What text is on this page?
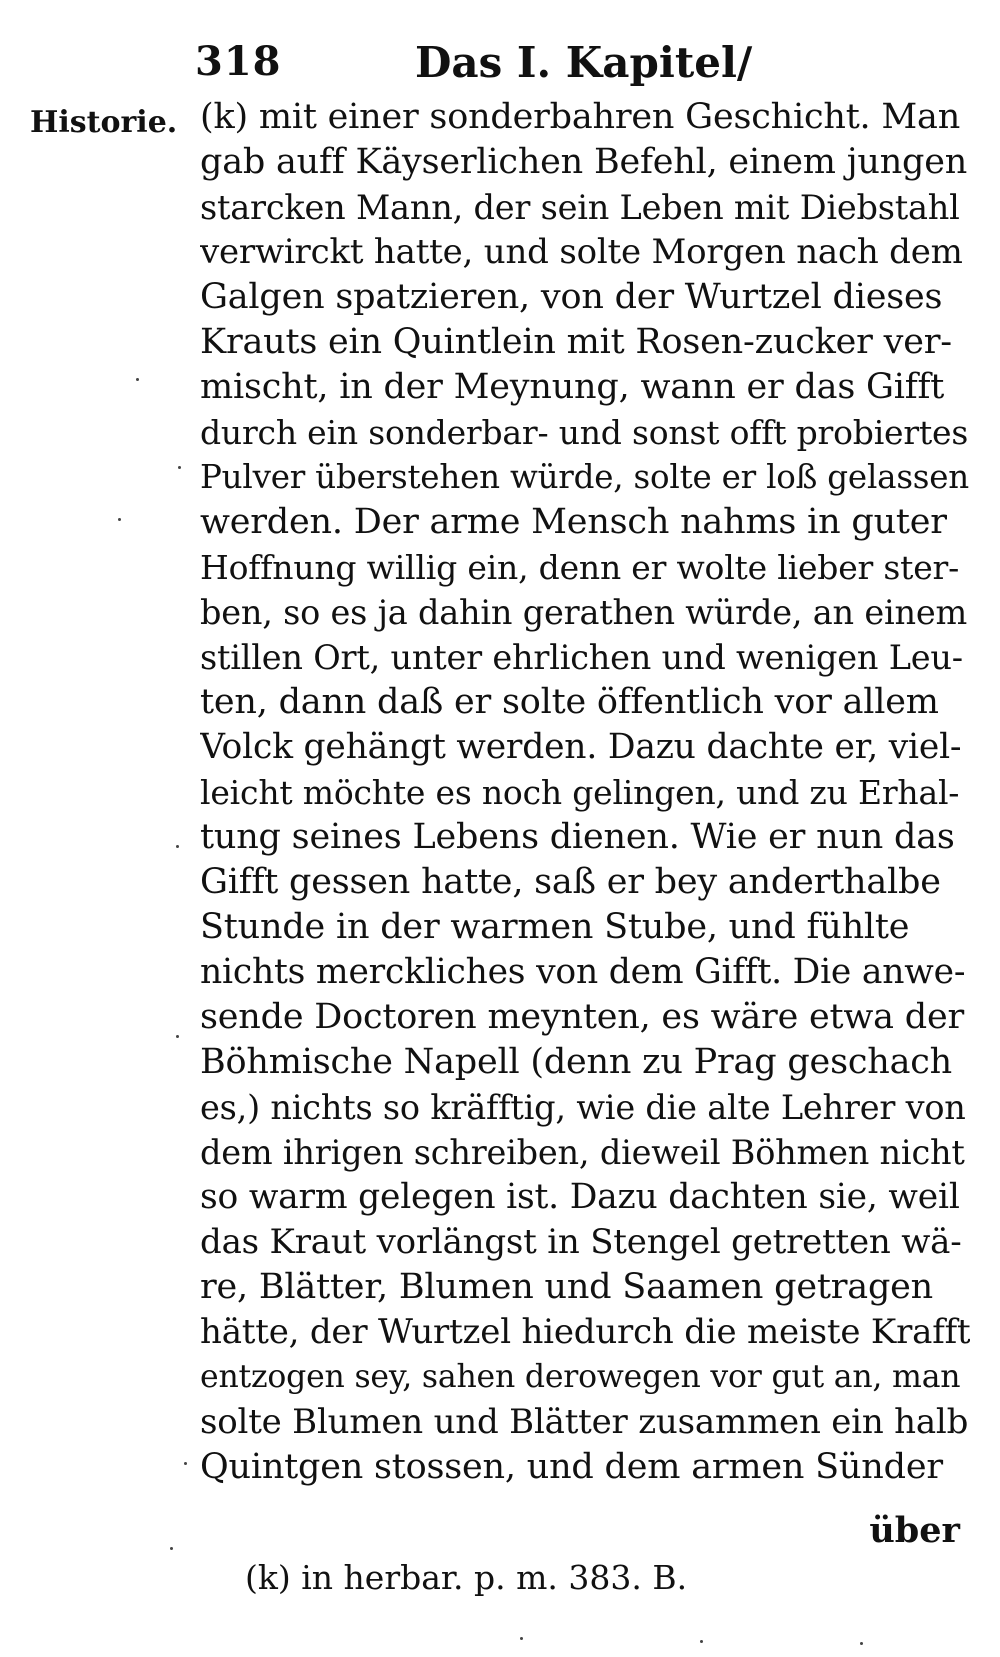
318	Das I. Kapitel/
Historie. (k) mit einer sonderbahren Geschicht. Man
gab auff Käyserlichen Befehl, einem jungen
starcken Mann, der sein Leben mit Diebstahl
verwirckt hatte, und solte Morgen nach dem
Galgen spatzieren, von der Wurtzel dieses
Krauts ein Quintlein mit Rosen-zucker ver-
mischt, in der Meynung, wann er das Gifft
durch ein sonderbar- und sonst offt probiertes
Pulver überstehen würde, solte er loß gelassen
werden. Der arme Mensch nahms in guter
Hoffnung willig ein, denn er wolte lieber ster-
ben, so es ja dahin gerathen würde, an einem
stillen Ort, unter ehrlichen und wenigen Leu-
ten, dann daß er solte öffentlich vor allem
Volck gehängt werden. Dazu dachte er, viel-
leicht möchte es noch gelingen, und zu Erhal-
tung seines Lebens dienen. Wie er nun das
Gifft gessen hatte, saß er bey anderthalbe
Stunde in der warmen Stube, und fühlte
nichts merckliches von dem Gifft. Die anwe-
sende Doctoren meynten, es wäre etwa der
Böhmische Napell (denn zu Prag geschach
es,) nichts so kräfftig, wie die alte Lehrer von
dem ihrigen schreiben, dieweil Böhmen nicht
so warm gelegen ist. Dazu dachten sie, weil
das Kraut vorlängst in Stengel getretten wä-
re, Blätter, Blumen und Saamen getragen
hätte, der Wurtzel hiedurch die meiste Krafft
entzogen sey, sahen derowegen vor gut an, man
solte Blumen und Blätter zusammen ein halb
Quintgen stossen, und dem armen Sünder
über
(k) in herbar. p. m. 383. B.
